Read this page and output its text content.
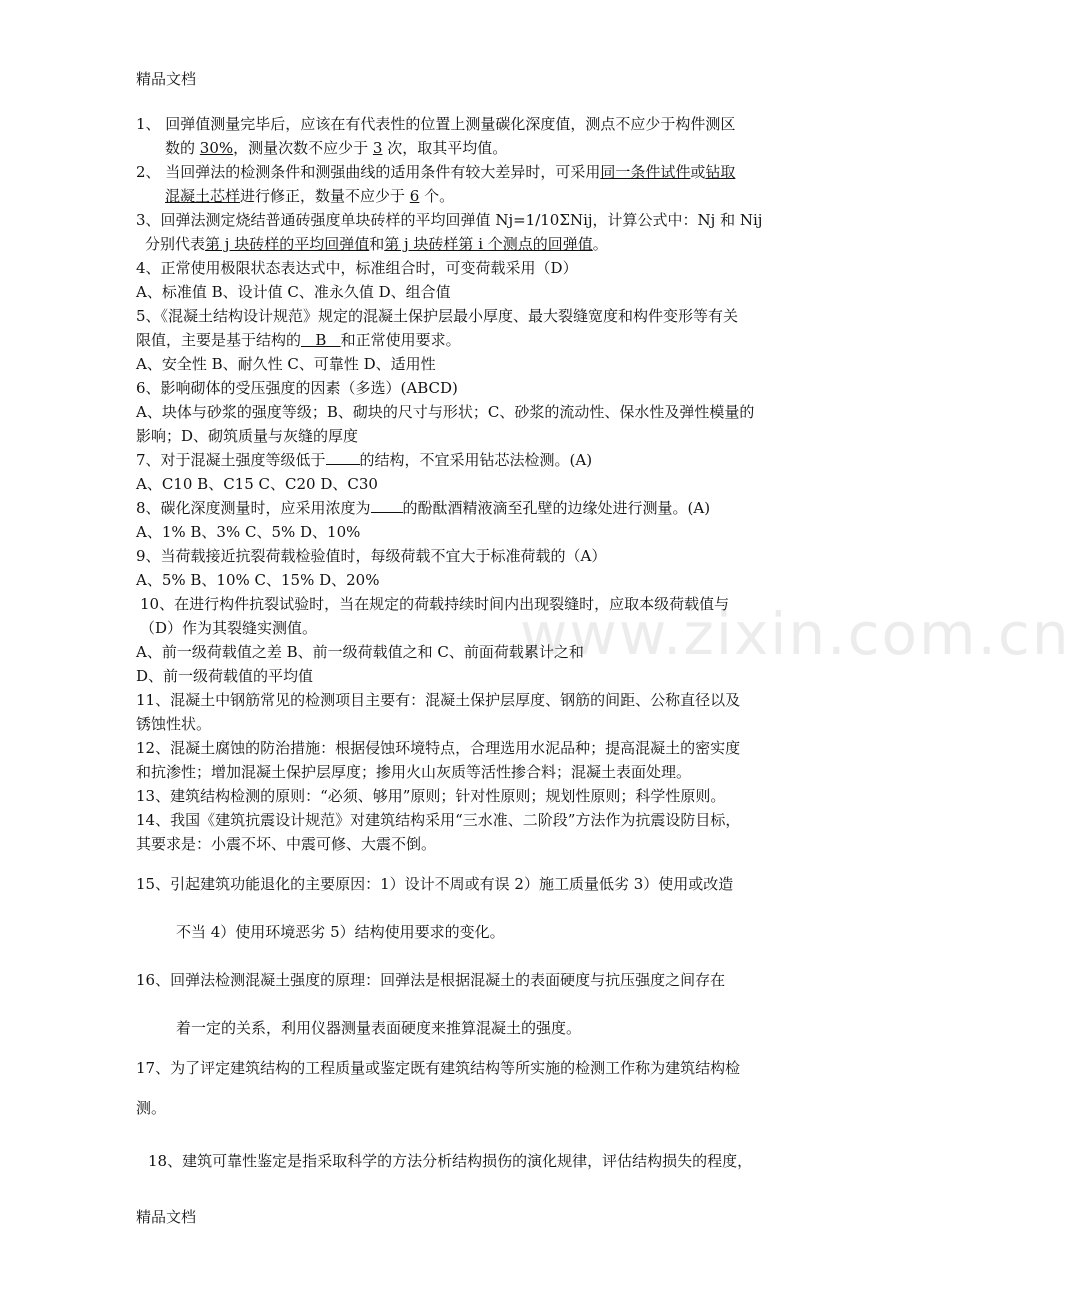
精品文档
www.zixin.com.cn
1、 回弹值测量完毕后，应该在有代表性的位置上测量碳化深度值，测点不应少于构件测区
数的 30%，测量次数不应少于 3 次，取其平均值。
2、 当回弹法的检测条件和测强曲线的适用条件有较大差异时，可采用同一条件试件或钻取
混凝土芯样进行修正，数量不应少于 6 个。
3、回弹法测定烧结普通砖强度单块砖样的平均回弹值 Nj=1/10ΣNij，计算公式中：Nj 和 Nij
分别代表第 j 块砖样的平均回弹值和第 j 块砖样第 i 个测点的回弹值。
4、正常使用极限状态表达式中，标准组合时，可变荷载采用（D）
A、标准值 B、设计值 C、准永久值 D、组合值
5、《混凝土结构设计规范》规定的混凝土保护层最小厚度、最大裂缝宽度和构件变形等有关
限值，主要是基于结构的   B   和正常使用要求。
A、安全性 B、耐久性 C、可靠性 D、适用性
6、影响砌体的受压强度的因素（多选）(ABCD)
A、块体与砂浆的强度等级；B、砌块的尺寸与形状；C、砂浆的流动性、保水性及弹性模量的
影响；D、砌筑质量与灰缝的厚度
7、对于混凝土强度等级低于 的结构，不宜采用钻芯法检测。(A)
A、C10 B、C15 C、C20 D、C30
8、碳化深度测量时，应采用浓度为 的酚酞酒精液滴至孔壁的边缘处进行测量。(A)
A、1% B、3% C、5% D、10%
9、当荷载接近抗裂荷载检验值时，每级荷载不宜大于标准荷载的（A）
A、5% B、10% C、15% D、20%
10、在进行构件抗裂试验时，当在规定的荷载持续时间内出现裂缝时，应取本级荷载值与
（D）作为其裂缝实测值。
A、前一级荷载值之差 B、前一级荷载值之和 C、前面荷载累计之和
D、前一级荷载值的平均值
11、混凝土中钢筋常见的检测项目主要有：混凝土保护层厚度、钢筋的间距、公称直径以及
锈蚀性状。
12、混凝土腐蚀的防治措施：根据侵蚀环境特点，合理选用水泥品种；提高混凝土的密实度
和抗渗性；增加混凝土保护层厚度；掺用火山灰质等活性掺合料；混凝土表面处理。
13、建筑结构检测的原则：“必须、够用”原则；针对性原则；规划性原则；科学性原则。
14、我国《建筑抗震设计规范》对建筑结构采用“三水准、二阶段”方法作为抗震设防目标，
其要求是：小震不坏、中震可修、大震不倒。
15、引起建筑功能退化的主要原因：1）设计不周或有误 2）施工质量低劣 3）使用或改造
不当 4）使用环境恶劣 5）结构使用要求的变化。
16、回弹法检测混凝土强度的原理：回弹法是根据混凝土的表面硬度与抗压强度之间存在
着一定的关系，利用仪器测量表面硬度来推算混凝土的强度。
17、为了评定建筑结构的工程质量或鉴定既有建筑结构等所实施的检测工作称为建筑结构检
测。
18、建筑可靠性鉴定是指采取科学的方法分析结构损伤的演化规律，评估结构损失的程度，
精品文档
